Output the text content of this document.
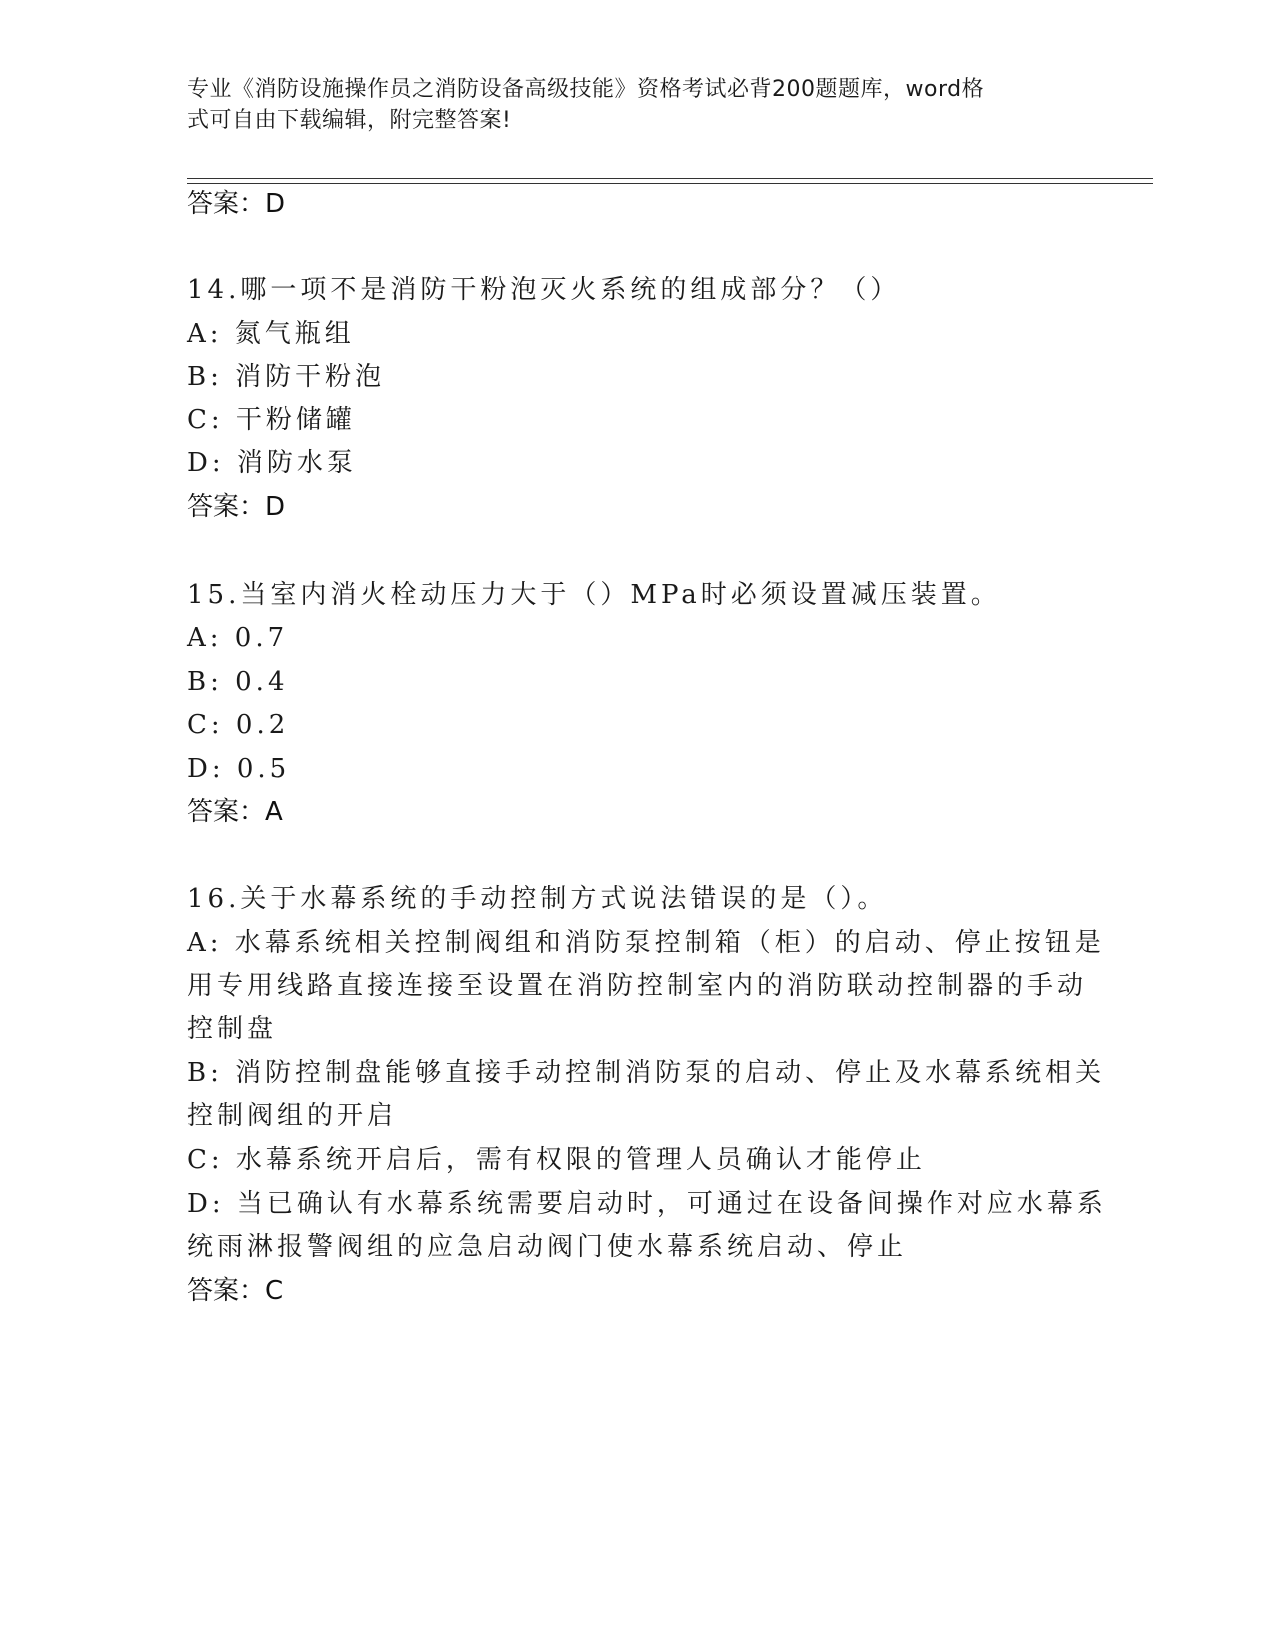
专业《消防设施操作员之消防设备高级技能》资格考试必背200题题库，word格
式可自由下载编辑，附完整答案!
答案：D
14.哪一项不是消防干粉泡灭火系统的组成部分？（）
A: 氮气瓶组
B: 消防干粉泡
C: 干粉储罐
D: 消防水泵
答案：D
15.当室内消火栓动压力大于（）MPa时必须设置减压装置。
A: 0.7
B: 0.4
C: 0.2
D: 0.5
答案：A
16.关于水幕系统的手动控制方式说法错误的是（）。
A: 水幕系统相关控制阀组和消防泵控制箱（柜）的启动、停止按钮是
用专用线路直接连接至设置在消防控制室内的消防联动控制器的手动
控制盘
B: 消防控制盘能够直接手动控制消防泵的启动、停止及水幕系统相关
控制阀组的开启
C: 水幕系统开启后，需有权限的管理人员确认才能停止
D: 当已确认有水幕系统需要启动时，可通过在设备间操作对应水幕系
统雨淋报警阀组的应急启动阀门使水幕系统启动、停止
答案：C
